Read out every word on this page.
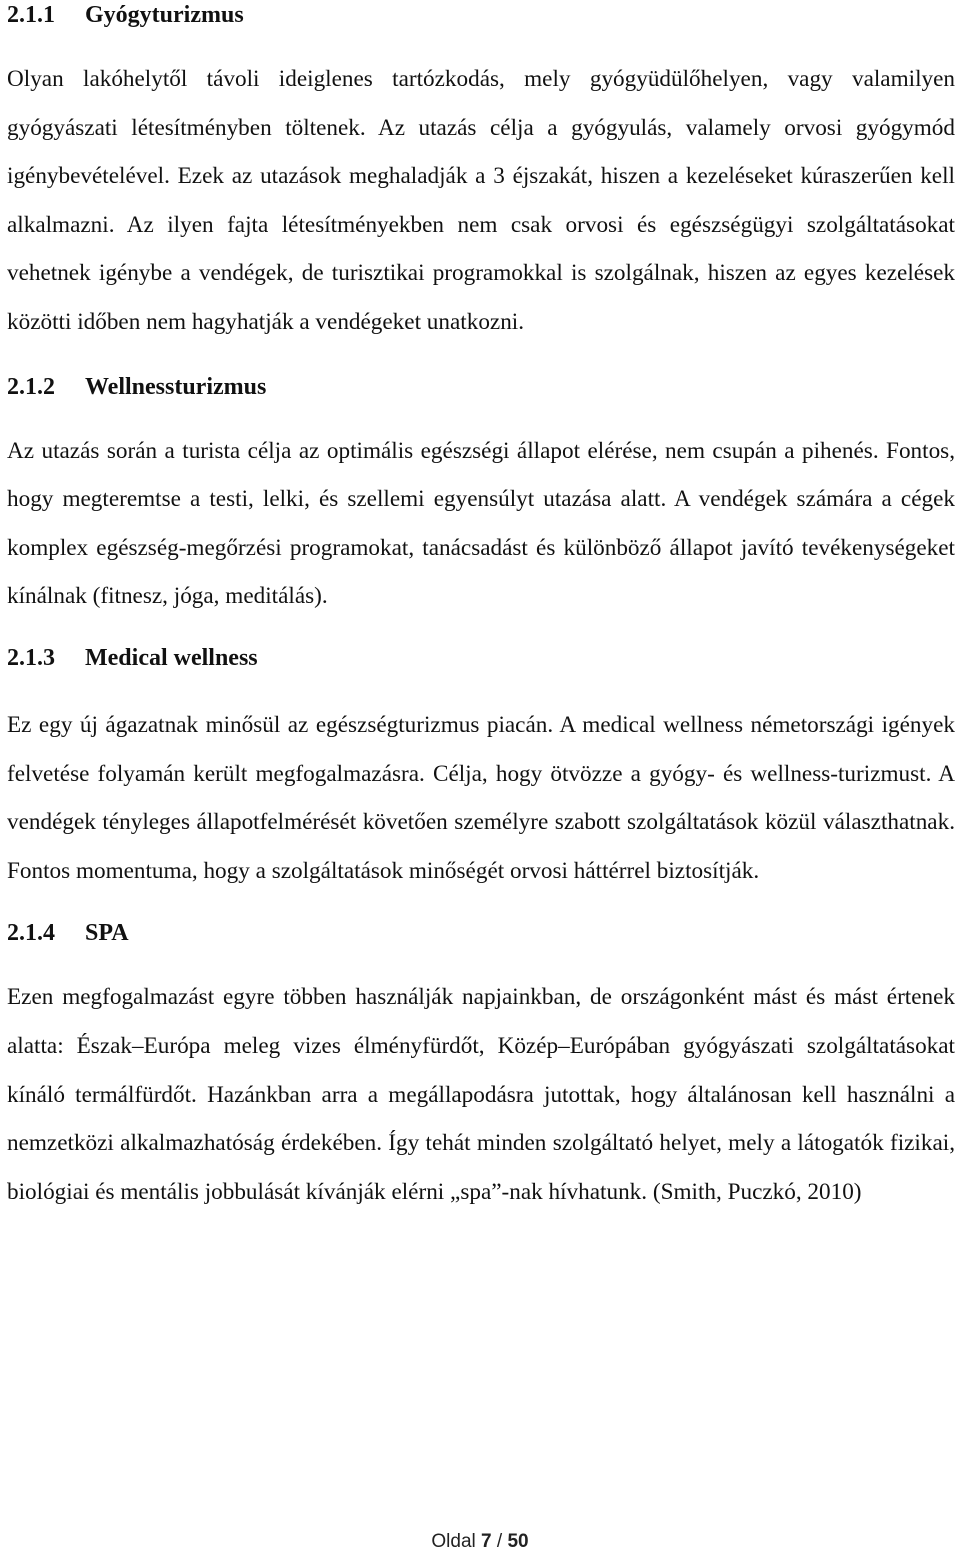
2.1.1 Gyógyturizmus

Olyan lakóhelytől távoli ideiglenes tartózkodás, mely gyógyüdülőhelyen, vagy valamilyen gyógyászati létesítményben töltenek. Az utazás célja a gyógyulás, valamely orvosi gyógymód igénybevételével. Ezek az utazások meghaladják a 3 éjszakát, hiszen a kezeléseket kúraszerűen kell alkalmazni. Az ilyen fajta létesítményekben nem csak orvosi és egészségügyi szolgáltatásokat vehetnek igénybe a vendégek, de turisztikai programokkal is szolgálnak, hiszen az egyes kezelések közötti időben nem hagyhatják a vendégeket unatkozni.

2.1.2 Wellnessturizmus

Az utazás során a turista célja az optimális egészségi állapot elérése, nem csupán a pihenés. Fontos, hogy megteremtse a testi, lelki, és szellemi egyensúlyt utazása alatt. A vendégek számára a cégek komplex egészség-megőrzési programokat, tanácsadást és különböző állapot javító tevékenységeket kínálnak (fitnesz, jóga, meditálás).

2.1.3 Medical wellness

Ez egy új ágazatnak minősül az egészségturizmus piacán. A medical wellness németországi igények felvetése folyamán került megfogalmazásra. Célja, hogy ötvözze a gyógy- és wellness-turizmust. A vendégek tényleges állapotfelmérését követően személyre szabott szolgáltatások közül választhatnak. Fontos momentuma, hogy a szolgáltatások minőségét orvosi háttérrel biztosítják.

2.1.4 SPA

Ezen megfogalmazást egyre többen használják napjainkban, de országonként mást és mást értenek alatta: Észak–Európa meleg vizes élményfürdőt, Közép–Európában gyógyászati szolgáltatásokat kínáló termálfürdőt. Hazánkban arra a megállapodásra jutottak, hogy általánosan kell használni a nemzetközi alkalmazhatóság érdekében. Így tehát minden szolgáltató helyet, mely a látogatók fizikai, biológiai és mentális jobbulását kívánják elérni „spa”-nak hívhatunk. (Smith, Puczkó, 2010)

Oldal 7 / 50
